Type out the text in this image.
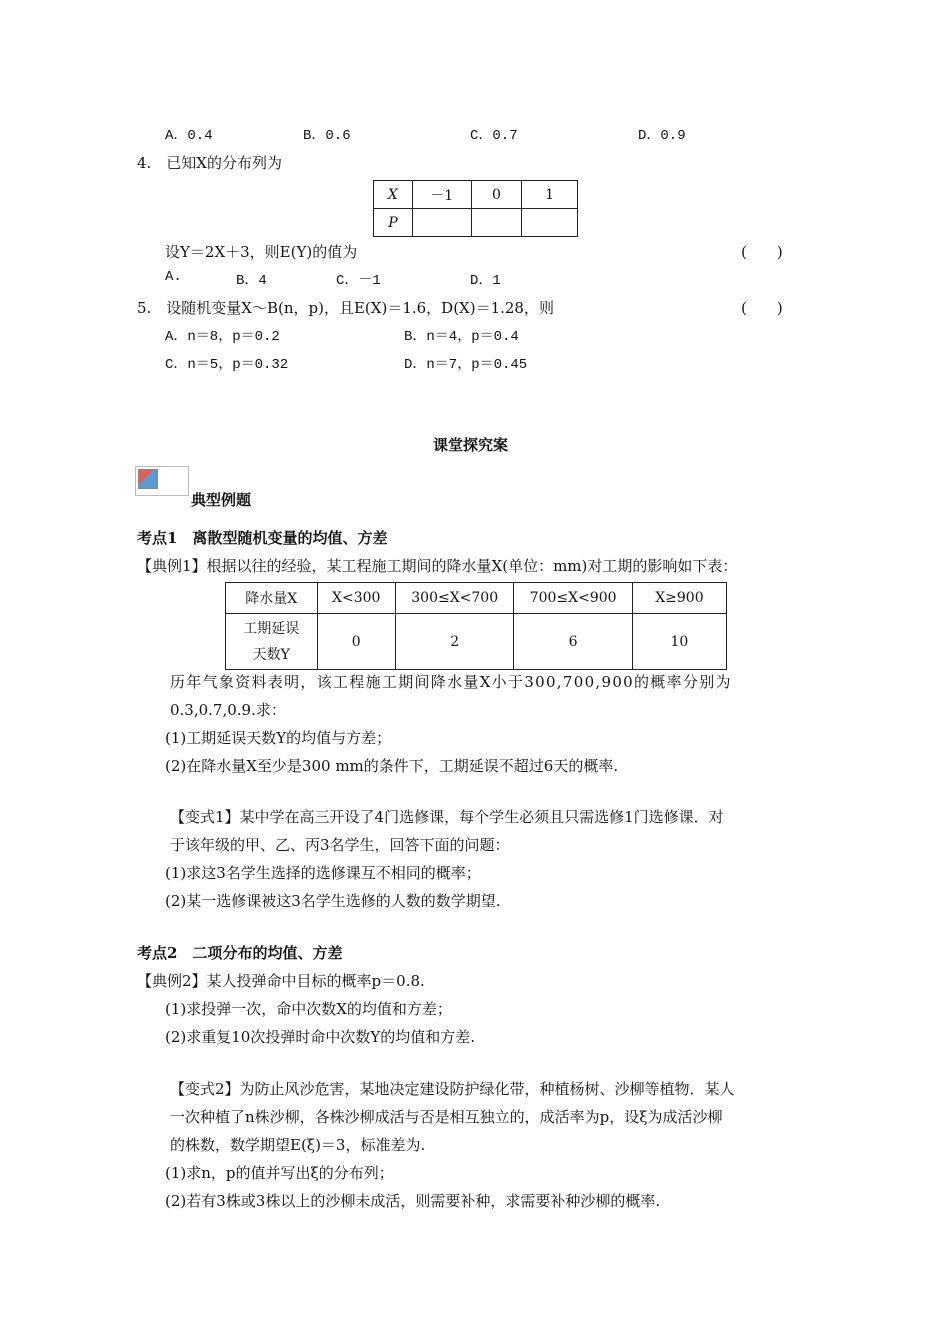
A．0.4	B．0.6	C．0.7	D．0.9
4.　已知X的分布列为
X	－1	0	1
P			
设Y＝2X＋3，则E(Y)的值为	(　　)
A.	B．4	C．－1	D．1
5.　设随机变量X～B(n，p)，且E(X)＝1.6，D(X)＝1.28，则	(　　)
A．n＝8，p＝0.2	B．n＝4，p＝0.4
C．n＝5，p＝0.32	D．n＝7，p＝0.45
课堂探究案
典型例题
考点1　离散型随机变量的均值、方差
【典例1】根据以往的经验，某工程施工期间的降水量X(单位：mm)对工期的影响如下表：
降水量X	X<300	300≤X<700	700≤X<900	X≥900

工期延误
天数Y	0	2	6	10
历年气象资料表明，该工程施工期间降水量X小于300,700,900的概率分别为
0.3,0.7,0.9.求：
(1)工期延误天数Y的均值与方差；
(2)在降水量X至少是300 mm的条件下，工期延误不超过6天的概率.
【变式1】某中学在高三开设了4门选修课，每个学生必须且只需选修1门选修课．对
于该年级的甲、乙、丙3名学生，回答下面的问题：
(1)求这3名学生选择的选修课互不相同的概率；
(2)某一选修课被这3名学生选修的人数的数学期望.
考点2　二项分布的均值、方差
【典例2】某人投弹命中目标的概率p＝0.8.
(1)求投弹一次，命中次数X的均值和方差；
(2)求重复10次投弹时命中次数Y的均值和方差.
【变式2】为防止风沙危害，某地决定建设防护绿化带，种植杨树、沙柳等植物．某人
一次种植了n株沙柳，各株沙柳成活与否是相互独立的，成活率为p，设ξ为成活沙柳
的株数，数学期望E(ξ)＝3，标准差为.
(1)求n，p的值并写出ξ的分布列；
(2)若有3株或3株以上的沙柳未成活，则需要补种，求需要补种沙柳的概率.
